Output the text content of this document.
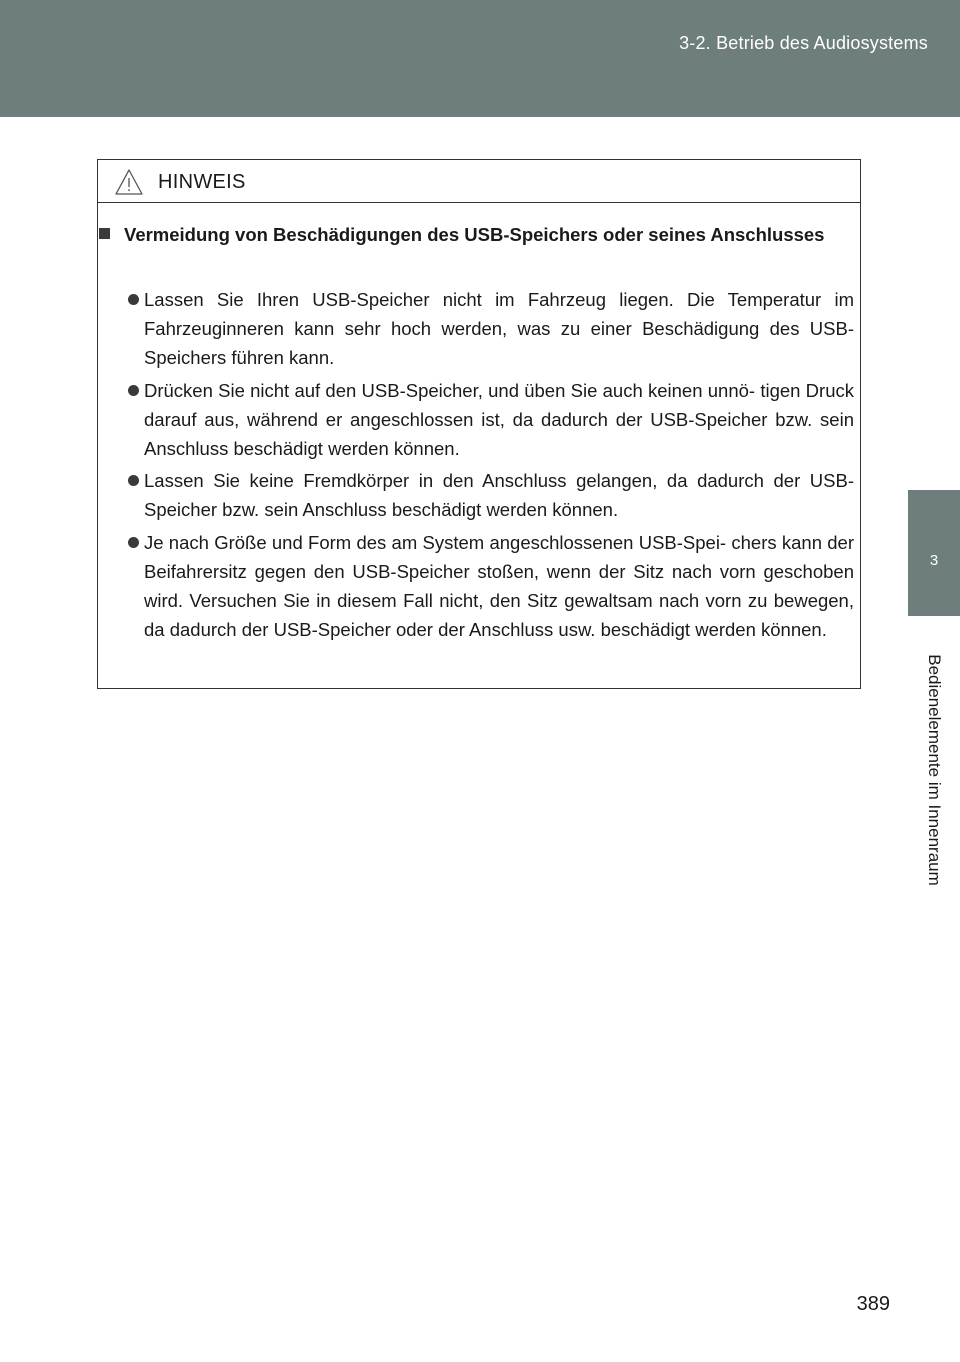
3-2. Betrieb des Audiosystems
3
Bedienelemente im Innenraum
HINWEIS
Vermeidung von Beschädigungen des USB-Speichers oder seines Anschlusses
Lassen Sie Ihren USB-Speicher nicht im Fahrzeug liegen. Die Temperatur im Fahrzeuginneren kann sehr hoch werden, was zu einer Beschädigung des USB-Speichers führen kann.
Drücken Sie nicht auf den USB-Speicher, und üben Sie auch keinen unnö- tigen Druck darauf aus, während er angeschlossen ist, da dadurch der USB-Speicher bzw. sein Anschluss beschädigt werden können.
Lassen Sie keine Fremdkörper in den Anschluss gelangen, da dadurch der USB-Speicher bzw. sein Anschluss beschädigt werden können.
Je nach Größe und Form des am System angeschlossenen USB-Spei- chers kann der Beifahrersitz gegen den USB-Speicher stoßen, wenn der Sitz nach vorn geschoben wird. Versuchen Sie in diesem Fall nicht, den Sitz gewaltsam nach vorn zu bewegen, da dadurch der USB-Speicher oder der Anschluss usw. beschädigt werden können.
389
